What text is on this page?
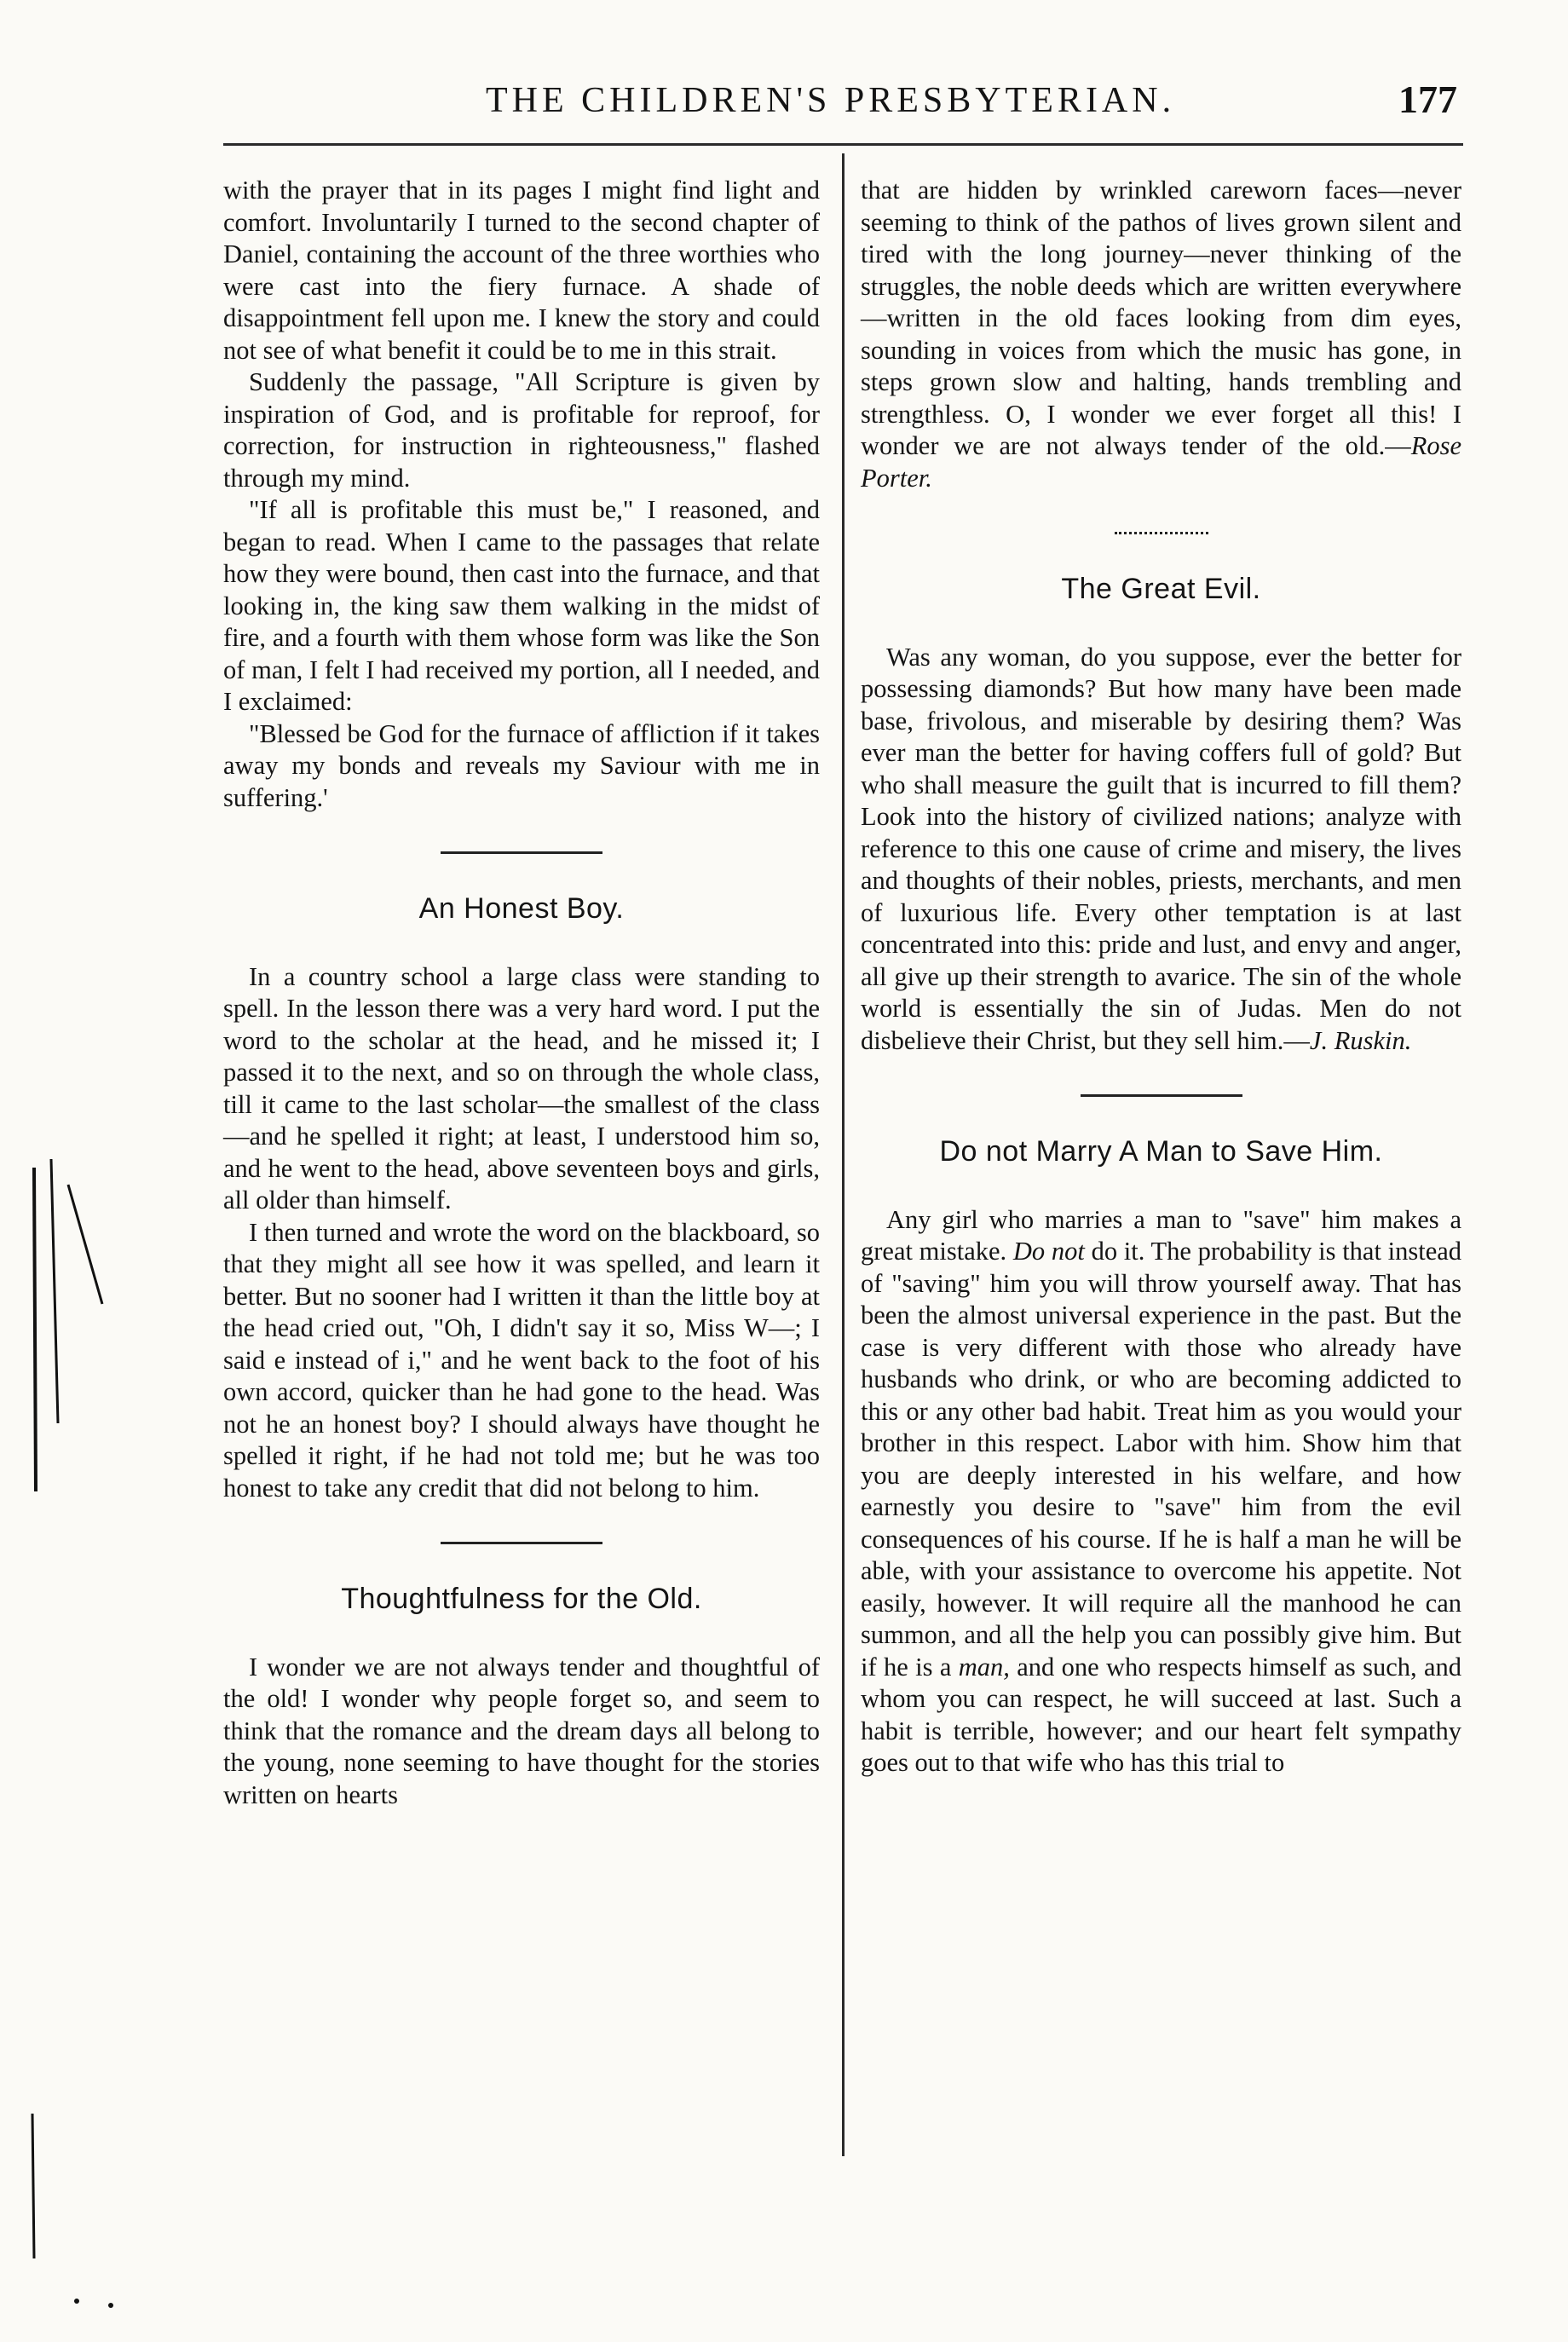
THE CHILDREN'S PRESBYTERIAN.	177

with the prayer that in its pages I might find light and comfort. Involuntarily I turned to the second chapter of Daniel, containing the account of the three worthies who were cast into the fiery furnace. A shade of disappointment fell upon me. I knew the story and could not see of what benefit it could be to me in this strait.

Suddenly the passage, "All Scripture is given by inspiration of God, and is profitable for reproof, for correction, for instruction in righteousness," flashed through my mind.

"If all is profitable this must be," I reasoned, and began to read. When I came to the passages that relate how they were bound, then cast into the furnace, and that looking in, the king saw them walking in the midst of fire, and a fourth with them whose form was like the Son of man, I felt I had received my portion, all I needed, and I exclaimed:

"Blessed be God for the furnace of affliction if it takes away my bonds and reveals my Saviour with me in suffering.'

An Honest Boy.

In a country school a large class were standing to spell. In the lesson there was a very hard word. I put the word to the scholar at the head, and he missed it; I passed it to the next, and so on through the whole class, till it came to the last scholar—the smallest of the class—and he spelled it right; at least, I understood him so, and he went to the head, above seventeen boys and girls, all older than himself.

I then turned and wrote the word on the blackboard, so that they might all see how it was spelled, and learn it better. But no sooner had I written it than the little boy at the head cried out, "Oh, I didn't say it so, Miss W—; I said e instead of i," and he went back to the foot of his own accord, quicker than he had gone to the head. Was not he an honest boy? I should always have thought he spelled it right, if he had not told me; but he was too honest to take any credit that did not belong to him.

Thoughtfulness for the Old.

I wonder we are not always tender and thoughtful of the old! I wonder why people forget so, and seem to think that the romance and the dream days all belong to the young, none seeming to have thought for the stories written on hearts

that are hidden by wrinkled careworn faces—never seeming to think of the pathos of lives grown silent and tired with the long journey—never thinking of the struggles, the noble deeds which are written everywhere—written in the old faces looking from dim eyes, sounding in voices from which the music has gone, in steps grown slow and halting, hands trembling and strengthless. O, I wonder we ever forget all this! I wonder we are not always tender of the old.—Rose Porter.

The Great Evil.

Was any woman, do you suppose, ever the better for possessing diamonds? But how many have been made base, frivolous, and miserable by desiring them? Was ever man the better for having coffers full of gold? But who shall measure the guilt that is incurred to fill them? Look into the history of civilized nations; analyze with reference to this one cause of crime and misery, the lives and thoughts of their nobles, priests, merchants, and men of luxurious life. Every other temptation is at last concentrated into this: pride and lust, and envy and anger, all give up their strength to avarice. The sin of the whole world is essentially the sin of Judas. Men do not disbelieve their Christ, but they sell him.—J. Ruskin.

Do not Marry A Man to Save Him.

Any girl who marries a man to "save" him makes a great mistake. Do not do it. The probability is that instead of "saving" him you will throw yourself away. That has been the almost universal experience in the past. But the case is very different with those who already have husbands who drink, or who are becoming addicted to this or any other bad habit. Treat him as you would your brother in this respect. Labor with him. Show him that you are deeply interested in his welfare, and how earnestly you desire to "save" him from the evil consequences of his course. If he is half a man he will be able, with your assistance to overcome his appetite. Not easily, however. It will require all the manhood he can summon, and all the help you can possibly give him. But if he is a man, and one who respects himself as such, and whom you can respect, he will succeed at last. Such a habit is terrible, however; and our heart felt sympathy goes out to that wife who has this trial to
